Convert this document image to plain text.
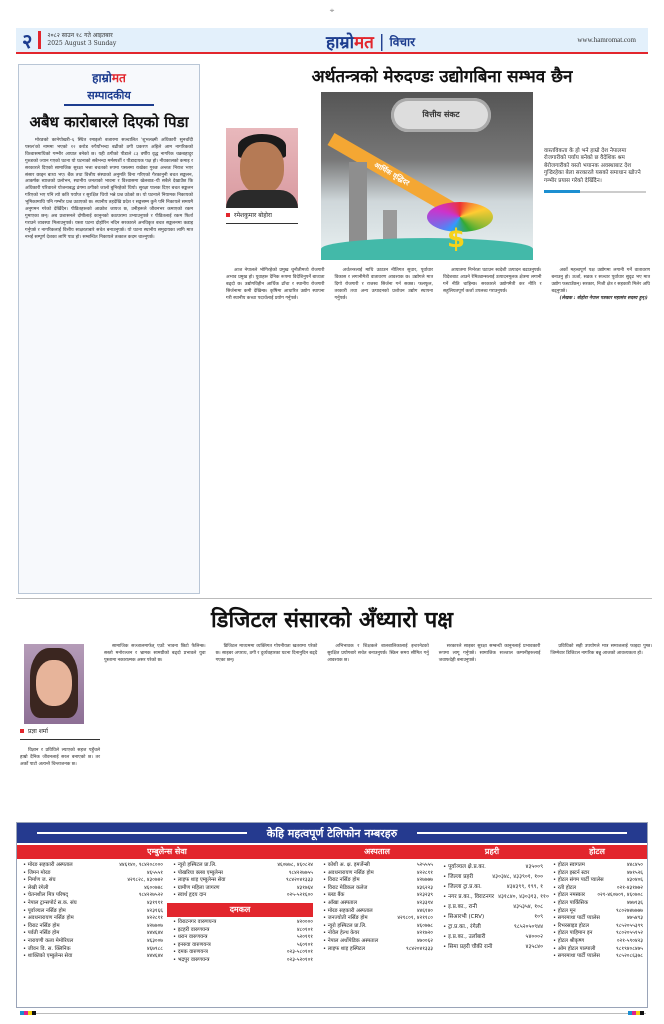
⌖
२	२०८२ साउन १८ गते आइतबार
2025 August 3 Sunday	हाम्रो मत | विचार	www.hamromat.com
हाम्रोमत
सम्पादकीय
अबैध कारोबारले दिएको पिडा

मोरङको कानेपोखरी–६ स्थित रमाइलो बजारमा सञ्चालित 'शुभलक्ष्मी अधिकारी सुनचाँदी पसल'को नाममा भएको १२ करोड रुपैयाँभन्दा बढीको ठगी प्रकरण अहिले आम नागरिकको विश्वासमाथिको गम्भीर आघात बनेको छ। यही ठगीको पीडाले ८३ वर्षीय वृद्ध नागरिक चक्रबहादुर गुरुङको ज्यान गएको घटना यो घटनाको सबैभन्दा मर्मस्पर्शी र पीडादायक पक्ष हो। नीवकालको कमाइ र सरकारले दिएको सामाजिक सुरक्षा भत्ता बचतको रुपमा पसलमा राखेका गुरुङ अन्ततः निराश भएर संसार छाड्न बाध्य भए। बैंक तथा वित्तीय संस्थाको अनुमति विना गरिएको गैरकानुनी बचत सङ्कलन, आकर्षक ब्याजको प्रलोभन, स्थानीय जनताको भावना र विश्वासमा खेलबाड–यी सबैले देखाउँछ कि अधिकारी परिवारले योजनाबद्ध ढंगमा ठगीको जालो बुनिरहेको थियो। सुरक्षा पालक दिएर बचत सङ्कलन गरिएको भए पनि त्यो कति पर्याप्त र सुरक्षित थियो भन्ने प्रश्न उठेको छ। यो घटनाले नियामक निकायको भूमिकामाथि पनि गम्भीर प्रश्न उठाएको छ। स्थानीय तहदेखि प्रदेश र सङ्घसम्म कुनै पनि निकायले समयमै अनुगमन गरेको देखिँदैन। पीडितहरूको आक्रोश जायज छ, उनीहरूले जीवनभर कमाएको रकम गुमाएका छन्। अब प्रशासनले दोषीलाई कानुनको कठघरामा उभ्याउनुपर्छ र पीडितलाई रकम फिर्ता गराउने व्यवस्था मिलाउनुपर्छ। यस्ता घटना दोहोरिन नदिन सरकारले अनधिकृत बचत सङ्कलनमा कडाइ गर्नुपर्छ र नागरिकलाई वित्तीय साक्षरताबारे सचेत बनाउनुपर्छ। यो घटना स्थानीय समुदायका लागि मात्र नभई सम्पूर्ण देशका लागि पाठ हो। सम्बन्धित निकायले तत्काल कदम चाल्नुपर्छ।

अर्थतन्त्रको मेरुदण्डः उद्योगबिना सम्भव छैन
रमेशकुमार बोहोरा
वित्तीय संकट
आर्थिक वृद्धिदर
$

वास्तविकता के हो भने हाम्रो देश नेपालमा रोजगारीको पर्याय बनेको छ वैदेशिक श्रम बेरोजगारीको यस्तो भयानक अवस्थाबाट देश गुज्रिरहेका बेला सरकारले यसको समाधान खोज्ने गम्भीर प्रयास गरेको देखिँदैन।

आज नेपालले भोगिरहेको प्रमुख चुनौतीमध्ये रोजगारी अभाव प्रमुख हो। युवाहरू दैनिक रूपमा विदेशिनुपर्ने बाध्यता बढ्दो छ। उद्योगविहीन आर्थिक ढाँचा र स्थानीय रोजगारी सिर्जनामा कमी देखिन्छ। कृषिमा आधारित उद्योग स्थापना गरी स्थानीय कच्चा पदार्थलाई प्रयोग गर्नुपर्छ।

अर्थतन्त्रलाई माथि उठाउन नीतिगत सुधार, पूर्वाधार विकास र लगानीमैत्री वातावरण आवश्यक छ। उद्योगले मात्र दिगो रोजगारी र राजस्व सिर्जना गर्न सक्छ। फलफूल, तरकारी तथा अन्य उत्पादनको प्रशोधन उद्योग स्थापना गर्नुपर्छ।

आयातमा निर्भरता घटाउन स्वदेशी उत्पादन बढाउनुपर्छ। विदेशबाट आउने रेमिट्यान्सलाई उत्पादनमूलक क्षेत्रमा लगानी गर्ने नीति चाहिन्छ। सरकारले उद्योगमैत्री कर नीति र सहुलियतपूर्ण कर्जा उपलब्ध गराउनुपर्छ।

अर्को महत्त्वपूर्ण पक्ष उद्योगमा लगानी गर्ने वातावरण बनाउनु हो। ऊर्जा, सडक र सञ्चार पूर्वाधार सुदृढ भए मात्र उद्योग फस्टाउँछन्। सरकार, निजी क्षेत्र र सहकारी मिलेर अघि बढ्नुपर्छ।

(लेखक : बोहोरा नेपाल पत्रकार महासंघ सदस्य हुन्।)

डिजिटल संसारको अँध्यारो पक्ष
प्रज्ञा शर्मा

विज्ञान र प्रविधिले ल्याएको सहज पहुँचले हाम्रो दैनिक जीवनलाई सरल बनाएको छ। तर अर्को पाटो अत्यन्तै चिन्ताजनक छ।

सामाजिक सञ्जालमार्फत् एउटै भावना छिटो फैलिन्छ। सस्तो मनोरञ्जन र भ्रामक सामग्रीको बढ्दो प्रभावले युवा पुस्तामा नकारात्मक असर परेको छ।

डिजिटल माध्यममा व्यक्तिगत गोपनीयता खतरामा परेको छ। साइबर अपराध, ठगी र दुर्व्यवहारका घटना दिनानुदिन बढ्दै गएका छन्।

अभिभावक र शिक्षकले बालबालिकालाई इन्टरनेटको सुरक्षित प्रयोगबारे सचेत बनाउनुपर्छ। स्क्रिन समय सीमित गर्नु आवश्यक छ।

सरकारले साइबर सुरक्षा सम्बन्धी कानुनलाई प्रभावकारी रूपमा लागू गर्नुपर्छ। सामाजिक सञ्जाल कम्पनीहरूलाई जवाफदेही बनाउनुपर्छ।

प्रविधिको सही उपयोगले मात्र समाजलाई फाइदा पुग्छ। जिम्मेवार डिजिटल नागरिक बन्नु आजको आवश्यकता हो।

केहि महत्वपूर्ण टेलिफोन नम्बरहरु
एम्बुलेन्स सेवा	अस्पताल	प्रहरी	होटल
• मोरङ सहकारी अस्पताल	४४६१४०, ९८४२०८०००
• जिमन मोरङ	४६५५५१
• निर्माण ज. संघ	४२१८२८, ४३०७४२
• लेखी रंगेली	४६००७४८
• चेतनशील मित्र परिषद्	९८४२२७५२२
• नेपाल ट्रान्सपोर्ट स.क. संघ	४३११११
• पूर्वाञ्चल नर्सिङ होम	४२३१६६
• अवधनारायण नर्सिङ होम	४२२८११
• विराट नर्सिङ होम	४२७७०७
• पर्वती नर्सिङ होम	४४४६४४
• नारायणी कला मेमोरियल	४६३००७
• जीवन वि. स. क्लिनिक	४६७९८८
• शाक्तिको एम्बुलेन्स सेवा	४४४६४४
• न्युरो हस्पिटल प्रा.लि.	४६०७७८, ४६०८२४
• पोखरिया क्लब एम्बुलेन्स	९८४२२७७५५
• लाइफ शाइ एम्बुलेन्स सेवा	९८४२०४१३३३
• ग्रामीण महिला जागरण	४३१७६४
• स्वार्थ हृदय दान	०२५-५२१६००
दमकल
• विराटनगर वारुणयन्त्र	४२००००
• इटहरी वारुणयन्त्र	४८०१०१
• धरान वारुणयन्त्र	५२०१११
• इनरुवा वारुणयन्त्र	५६०१०१
• दमक वारुणयन्त्र	०२३-५८०१०१
• भद्रपुर वारुणयन्त्र	०२३-५२०१०१
• कोशी अ. क्ष. इमर्जेन्सी	५२५५५५
• अवधनारायण नर्सिङ होम	४२२८११
• विराट नर्सिङ होम	४२७७७७
• विराट मेडिकल कलेज	४३६२२३
• ब्लड बैंक	४२३२३९
• आँखा अस्पताल	४२३३१४
• मोरङ सहकारी अस्पताल	४४६१४०
• जनज्योती नर्सिङ होम	४२१८०१, ४२११८०
• न्युरो हस्पिटल प्रा.लि.	४६०७७८
• नोवेल हेल्थ केयर	४२१७२०
• नेपाल अर्थोपेडिक अस्पताल	४७००६२
• लाइफ शाइ हस्पिटल	९८४२०४१३३३
• पूर्वाञ्चल क्षे.प्र.का.	४३५००९
• जिल्ला प्रहरी	४३०३४८, ४३३९०१, १००
• जिल्ला ट्रा.प्र.का.	४३४३९९, १९९, १
• नगर प्र.का., विराटनगर ४३१८४०, ४३०३१३, ११०
• इ.प्र.का., रानी	४३५३५४, १०८
• सिआरभी (CRV)	१०९
• ट्रा.प्र.का., रंगेली	९८५२०५०९४४
• इ.प्र.का., उर्लाबारी	५४०००२
• सिमा प्रहरी चौकी रानी	४३५८४०
• होटल स्वागतम	४४८४५०
• होटल इस्टर्न स्टार	४७१५२६
• होटल संगम पार्टी प्यालेस	४३०४०६
• रती होटल	०२१-४३१७७२
• होटल नमस्कार ०२१-४६०७०९, ४६०७०८
• होटल पार्किसिक	४७७१३६
• होटल मून	९८०२७४७७७७
• सगरमाथा पार्टी प्यालेस	४७५४९३
• रिभरसाइड होटल	९८५२०५५३९९
• होटल पाहिमान इन	९८०२०५५१५२
• होटल श्रीकृष्ण	०२१-५९०४२३
• ओम होटल पाल्पाली	९८१९४०८४७५
• सगरमाथा पार्टी प्यालेस	९८५२०८६३७८
